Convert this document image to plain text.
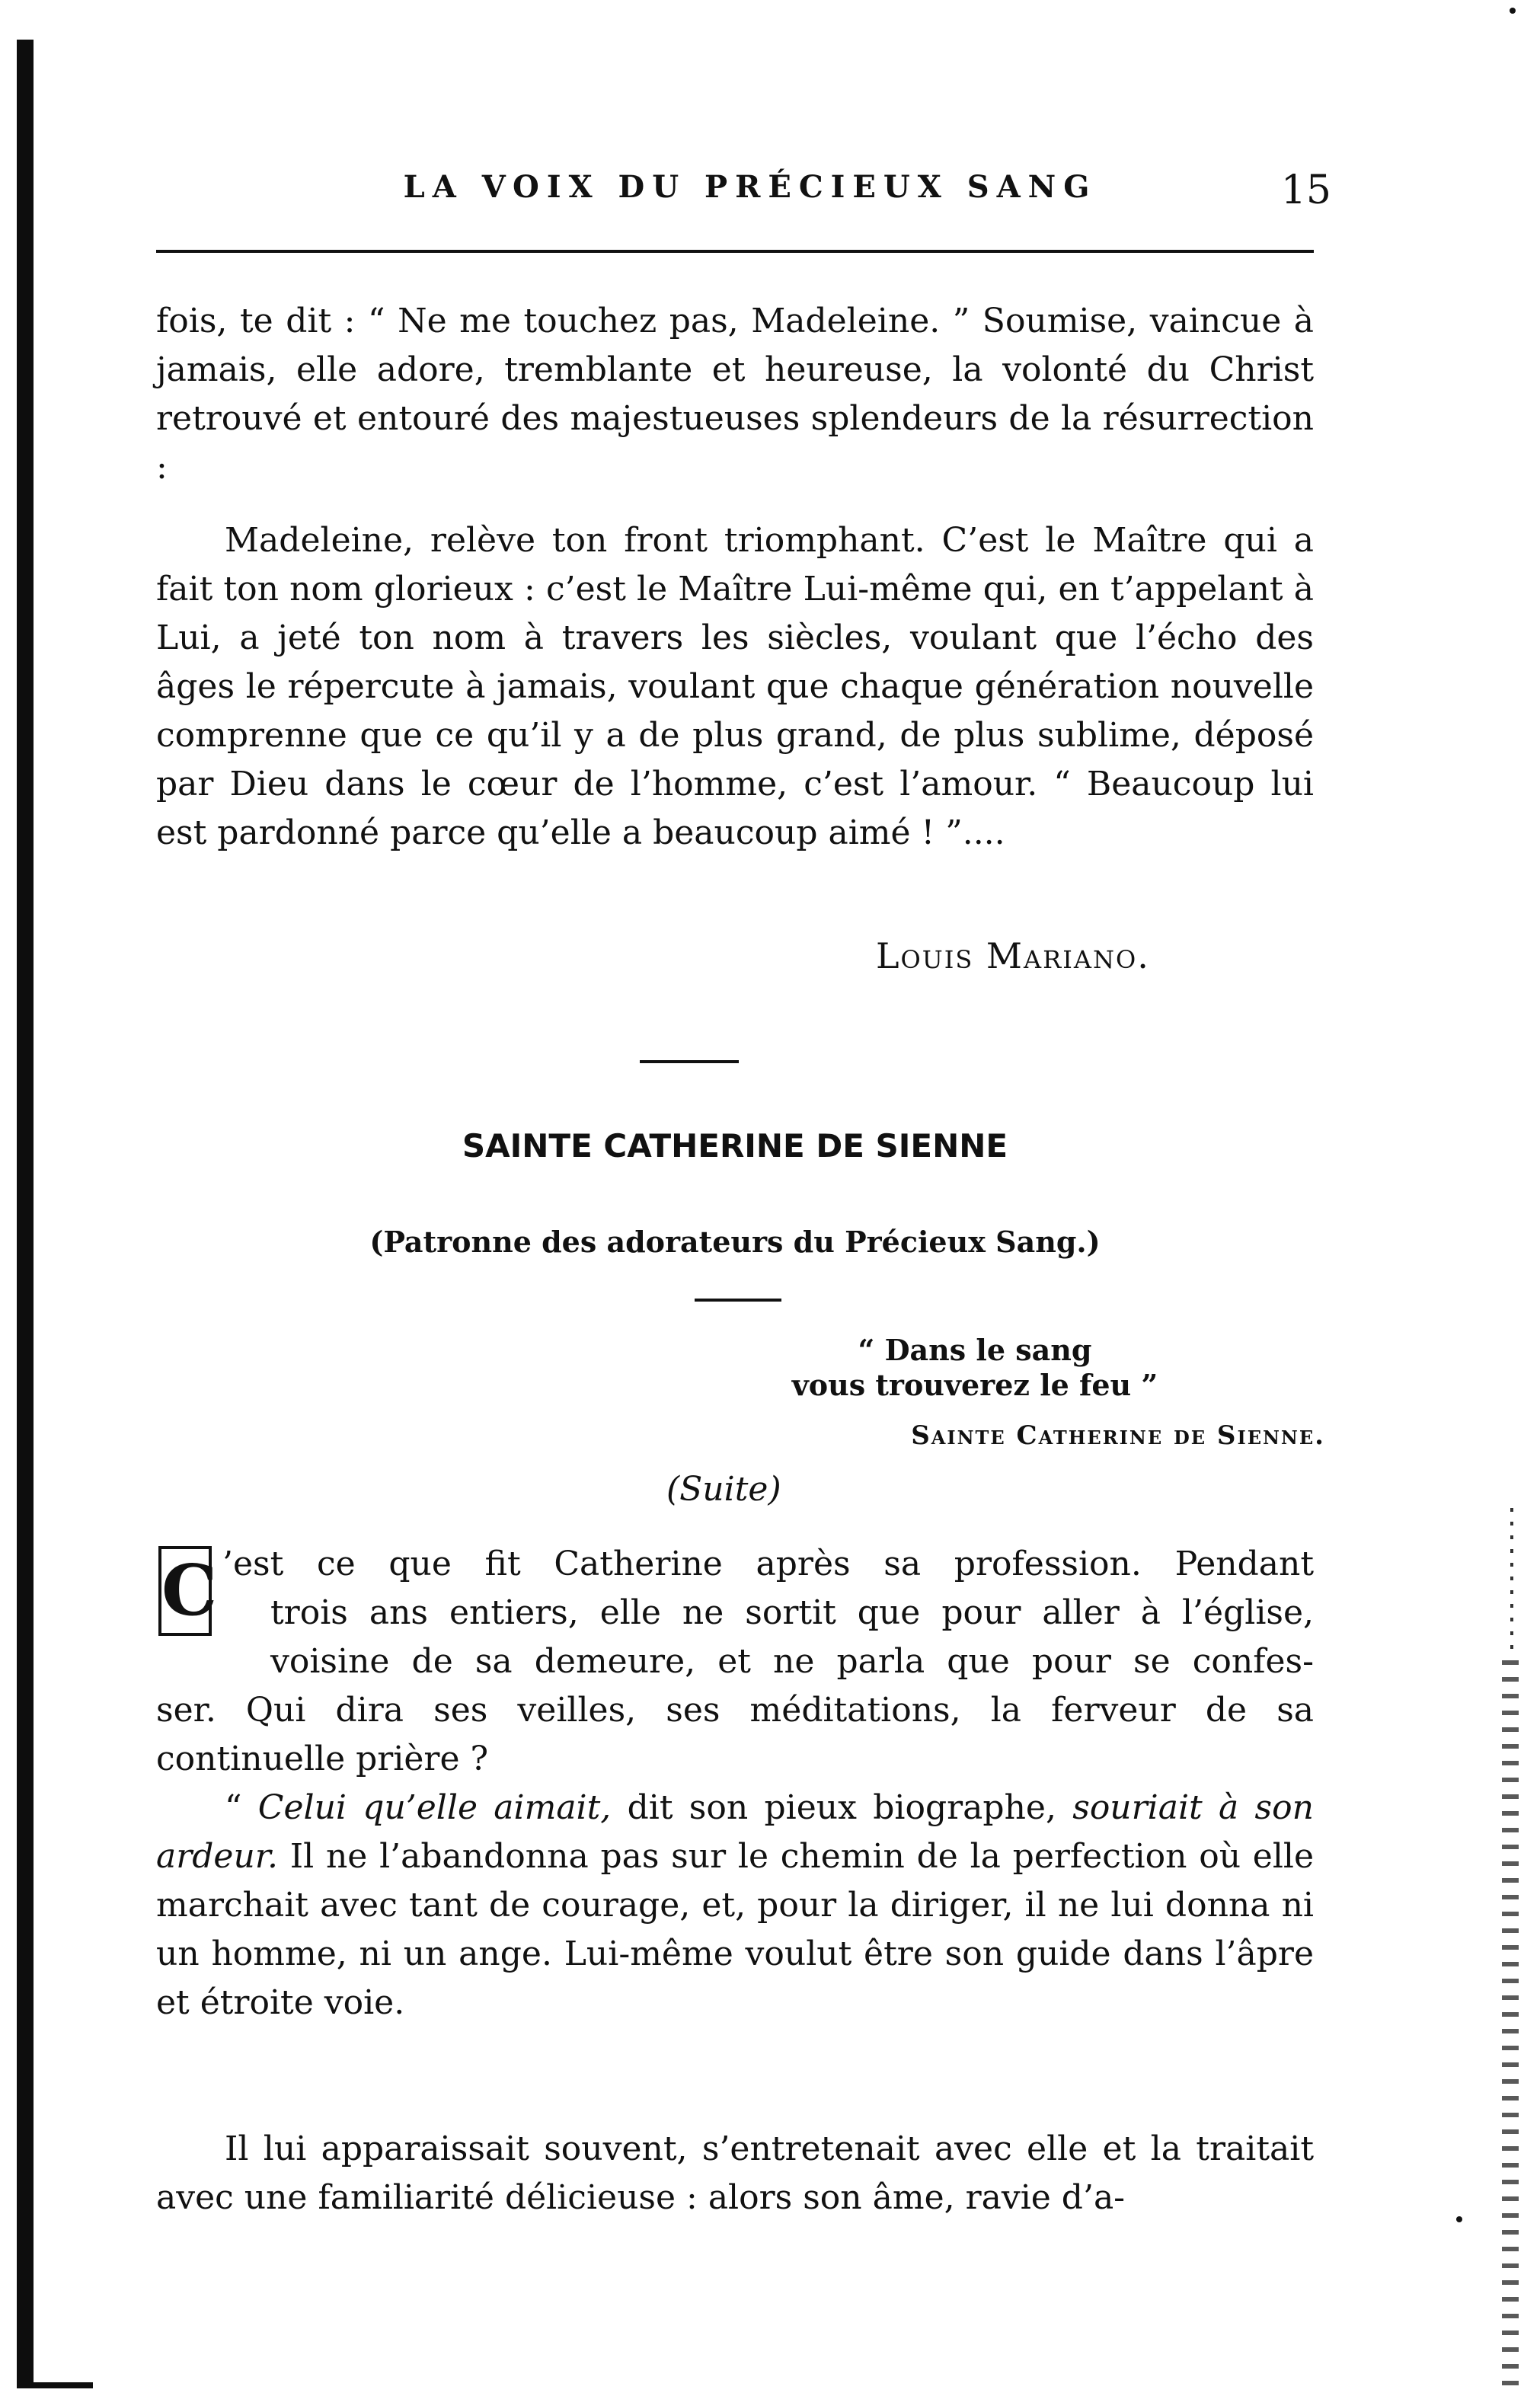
LA VOIX DU PRÉCIEUX SANG	15

fois, te dit : “ Ne me touchez pas, Madeleine. ” Soumise, vaincue à jamais, elle adore, tremblante et heureuse, la volonté du Christ retrouvé et entouré des majestueuses splendeurs de la résurrection :

Madeleine, relève ton front triomphant. C’est le Maître qui a fait ton nom glorieux : c’est le Maître Lui-même qui, en t’appelant à Lui, a jeté ton nom à travers les siècles, voulant que l’écho des âges le répercute à jamais, voulant que chaque génération nouvelle comprenne que ce qu’il y a de plus grand, de plus sublime, déposé par Dieu dans le cœur de l’homme, c’est l’amour. “ Beaucoup lui est pardonné parce qu’elle a beaucoup aimé ! ”....

Louis Mariano.
SAINTE CATHERINE DE SIENNE
(Patronne des adorateurs du Précieux Sang.)
“ Dans le sang
vous trouverez le feu ”
Sainte Catherine de Sienne.
(Suite)
C ’est ce que fit Catherine après sa profession. Pendant
trois ans entiers, elle ne sortit que pour aller à l’église,
voisine de sa demeure, et ne parla que pour se confes-

ser. Qui dira ses veilles, ses méditations, la ferveur de sa continuelle prière ?

“ Celui qu’elle aimait, dit son pieux biographe, souriait à son ardeur. Il ne l’abandonna pas sur le chemin de la perfection où elle marchait avec tant de courage, et, pour la diriger, il ne lui donna ni un homme, ni un ange. Lui-même voulut être son guide dans l’âpre et étroite voie.

Il lui apparaissait souvent, s’entretenait avec elle et la traitait avec une familiarité délicieuse : alors son âme, ravie d’a-
